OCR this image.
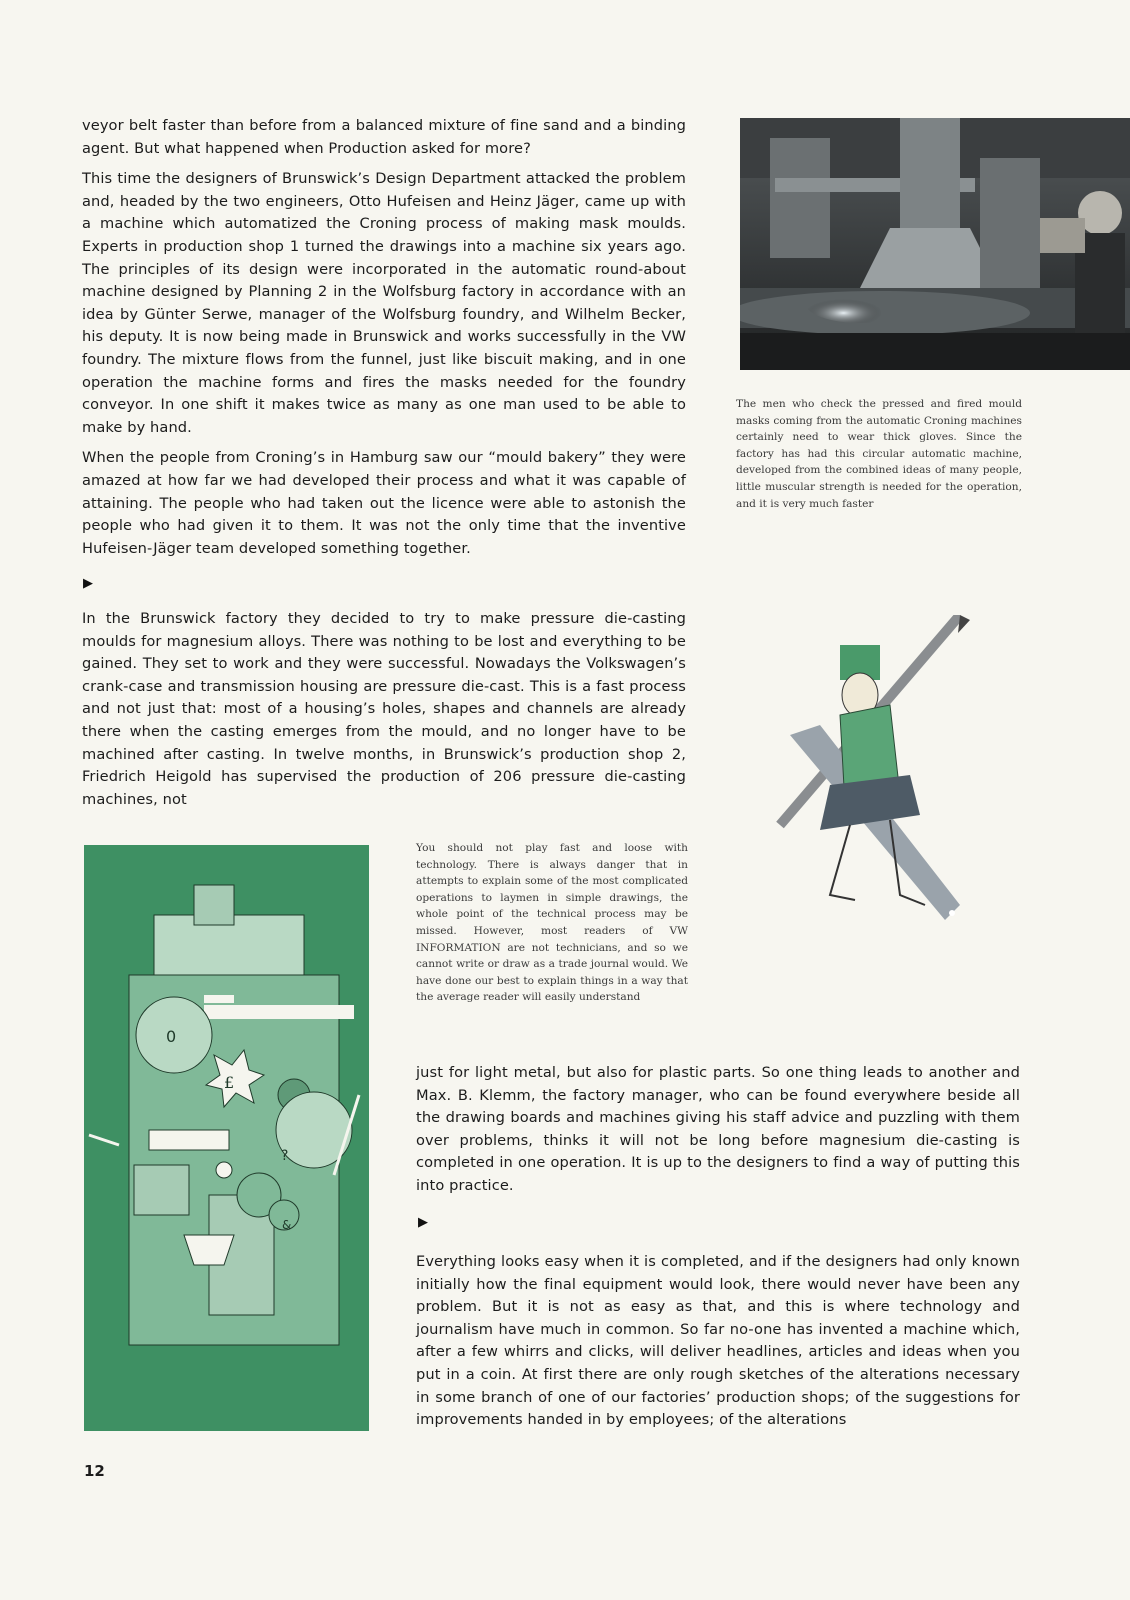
veyor belt faster than before from a balanced mixture of fine sand and a binding agent. But what happened when Production asked for more?

This time the designers of Brunswick’s Design Department attacked the problem and, headed by the two engineers, Otto Hufeisen and Heinz Jäger, came up with a machine which automatized the Croning process of making mask moulds. Experts in production shop 1 turned the drawings into a machine six years ago. The principles of its design were incorporated in the automatic round-about machine designed by Planning 2 in the Wolfsburg factory in accordance with an idea by Günter Serwe, manager of the Wolfsburg foundry, and Wilhelm Becker, his deputy. It is now being made in Brunswick and works successfully in the VW foundry. The mixture flows from the funnel, just like biscuit making, and in one operation the machine forms and fires the masks needed for the foundry conveyor. In one shift it makes twice as many as one man used to be able to make by hand.

When the people from Croning’s in Hamburg saw our “mould bakery” they were amazed at how far we had developed their process and what it was capable of attaining. The people who had taken out the licence were able to astonish the people who had given it to them. It was not the only time that the inventive Hufeisen-Jäger team developed something together.

▶

In the Brunswick factory they decided to try to make pressure die-casting moulds for magnesium alloys. There was nothing to be lost and everything to be gained. They set to work and they were successful. Nowadays the Volkswagen’s crank-case and transmission housing are pressure die-cast. This is a fast process and not just that: most of a housing’s holes, shapes and channels are already there when the casting emerges from the mould, and no longer have to be machined after casting. In twelve months, in Brunswick’s production shop 2, Friedrich Heigold has supervised the production of 206 pressure die-casting machines, not

The men who check the pressed and fired mould masks coming from the automatic Croning machines certainly need to wear thick gloves. Since the factory has had this circular automatic machine, developed from the combined ideas of many people, little muscular strength is needed for the operation, and it is very much faster
0
£
?
&
You should not play fast and loose with technology. There is always danger that in attempts to explain some of the most complicated operations to laymen in simple drawings, the whole point of the technical process may be missed. However, most readers of VW INFORMATION are not technicians, and so we cannot write or draw as a trade journal would. We have done our best to explain things in a way that the average reader will easily understand

just for light metal, but also for plastic parts. So one thing leads to another and Max. B. Klemm, the factory manager, who can be found everywhere beside all the drawing boards and machines giving his staff advice and puzzling with them over problems, thinks it will not be long before magnesium die-casting is completed in one operation. It is up to the designers to find a way of putting this into practice.

▶

Everything looks easy when it is completed, and if the designers had only known initially how the final equipment would look, there would never have been any problem. But it is not as easy as that, and this is where technology and journalism have much in common. So far no-one has invented a machine which, after a few whirrs and clicks, will deliver headlines, articles and ideas when you put in a coin. At first there are only rough sketches of the alterations necessary in some branch of one of our factories’ production shops; of the suggestions for improvements handed in by employees; of the alterations

12
